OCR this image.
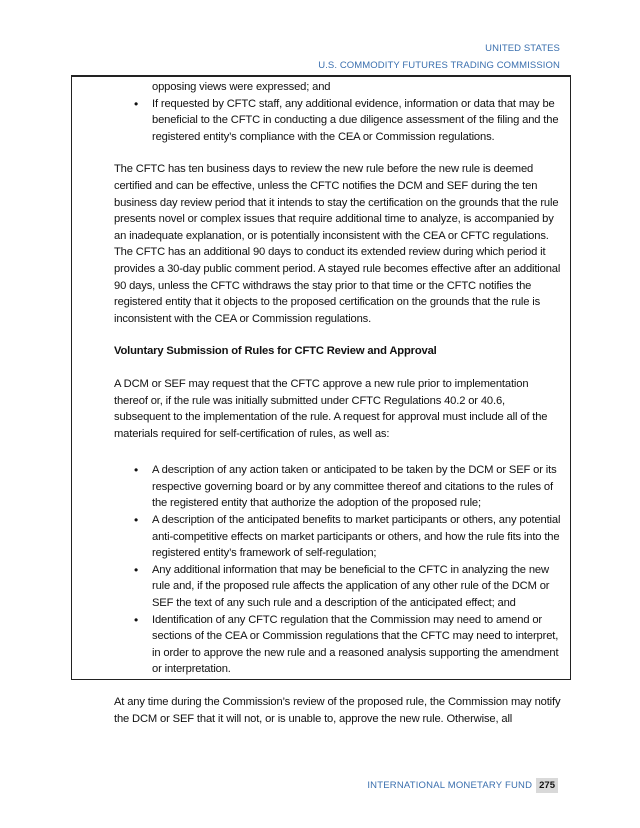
UNITED STATES
U.S. COMMODITY FUTURES TRADING COMMISSION

opposing views were expressed; and

• If requested by CFTC staff, any additional evidence, information or data that may be beneficial to the CFTC in conducting a due diligence assessment of the filing and the registered entity’s compliance with the CEA or Commission regulations.

The CFTC has ten business days to review the new rule before the new rule is deemed certified and can be effective, unless the CFTC notifies the DCM and SEF during the ten business day review period that it intends to stay the certification on the grounds that the rule presents novel or complex issues that require additional time to analyze, is accompanied by an inadequate explanation, or is potentially inconsistent with the CEA or CFTC regulations. The CFTC has an additional 90 days to conduct its extended review during which period it provides a 30-day public comment period. A stayed rule becomes effective after an additional 90 days, unless the CFTC withdraws the stay prior to that time or the CFTC notifies the registered entity that it objects to the proposed certification on the grounds that the rule is inconsistent with the CEA or Commission regulations.

Voluntary Submission of Rules for CFTC Review and Approval

A DCM or SEF may request that the CFTC approve a new rule prior to implementation thereof or, if the rule was initially submitted under CFTC Regulations 40.2 or 40.6, subsequent to the implementation of the rule. A request for approval must include all of the materials required for self-certification of rules, as well as:

• A description of any action taken or anticipated to be taken by the DCM or SEF or its respective governing board or by any committee thereof and citations to the rules of the registered entity that authorize the adoption of the proposed rule;
• A description of the anticipated benefits to market participants or others, any potential anti-competitive effects on market participants or others, and how the rule fits into the registered entity’s framework of self-regulation;
• Any additional information that may be beneficial to the CFTC in analyzing the new rule and, if the proposed rule affects the application of any other rule of the DCM or SEF the text of any such rule and a description of the anticipated effect; and
• Identification of any CFTC regulation that the Commission may need to amend or sections of the CEA or Commission regulations that the CFTC may need to interpret, in order to approve the new rule and a reasoned analysis supporting the amendment or interpretation.

At any time during the Commission’s review of the proposed rule, the Commission may notify the DCM or SEF that it will not, or is unable to, approve the new rule. Otherwise, all

INTERNATIONAL MONETARY FUND 275
